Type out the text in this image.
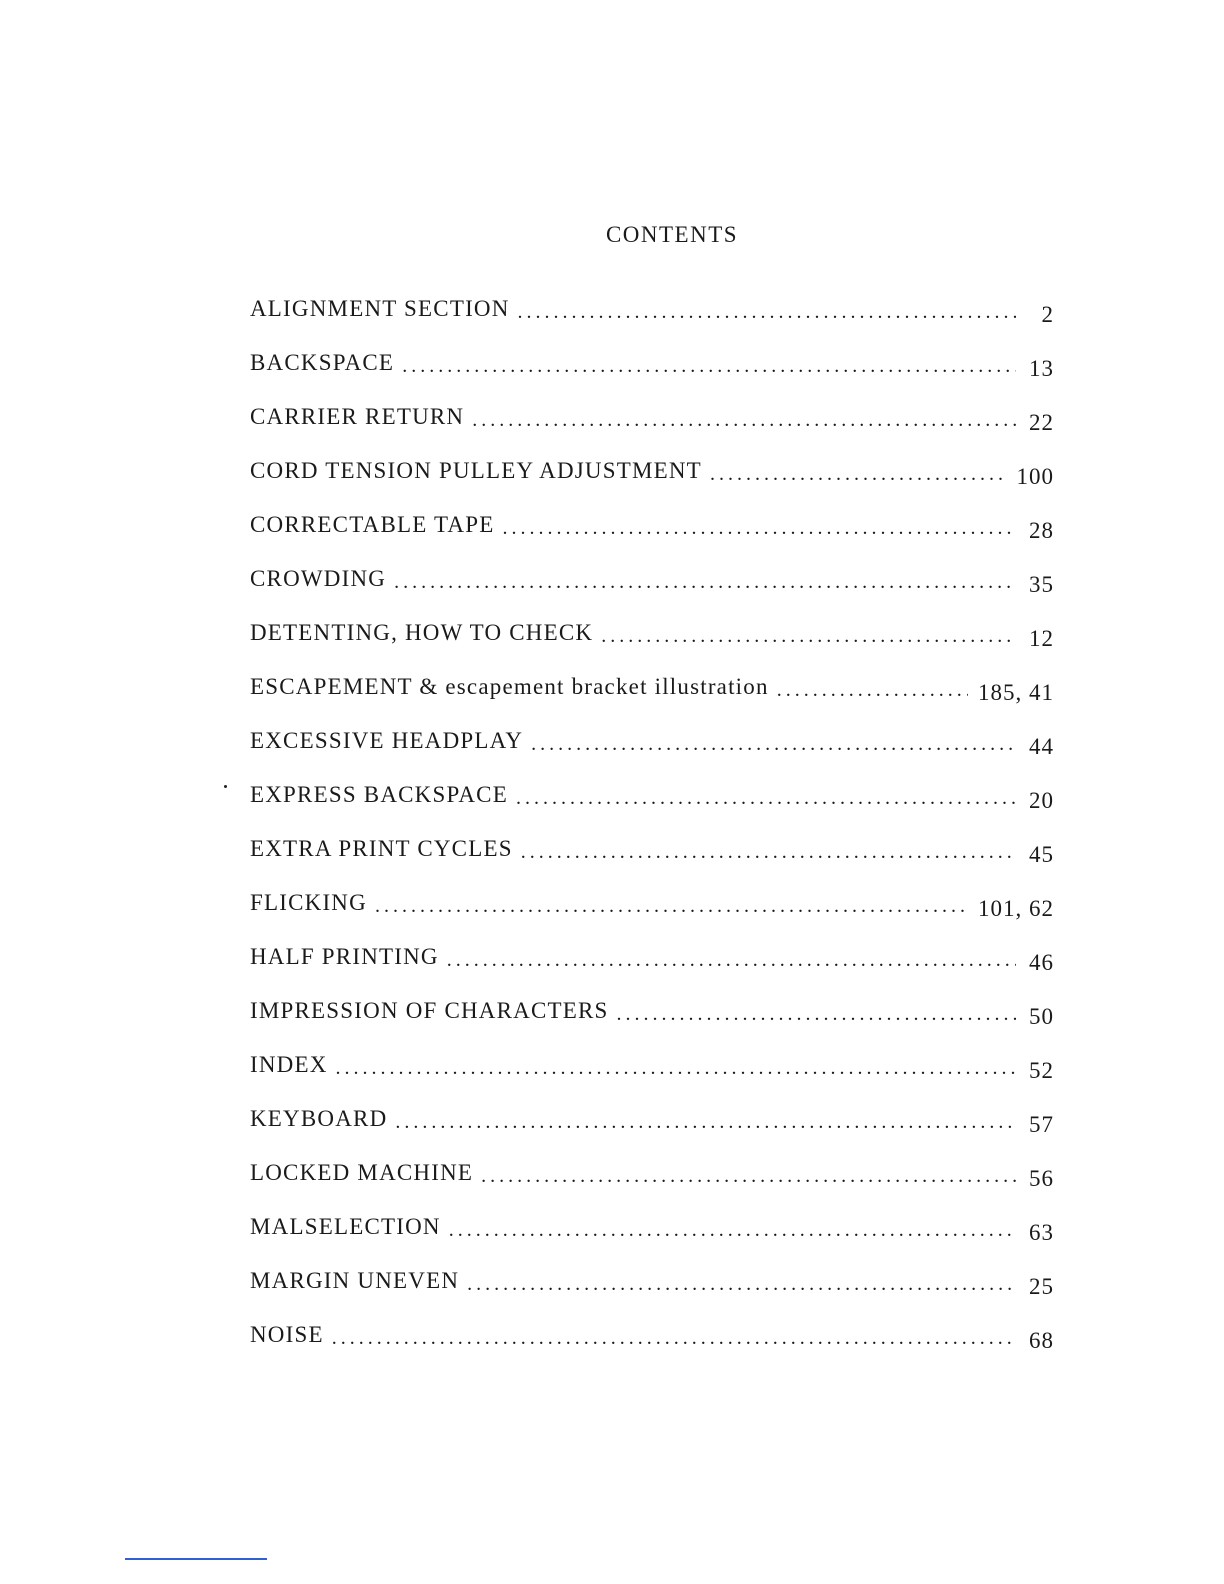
CONTENTS
ALIGNMENT SECTION . . .	2
BACKSPACE . . .	13
CARRIER RETURN . . .	22
CORD TENSION PULLEY ADJUSTMENT . . .	100
CORRECTABLE TAPE . . .	28
CROWDING . . .	35
DETENTING, HOW TO CHECK . . .	12
ESCAPEMENT & escapement bracket illustration . . .	185, 41
EXCESSIVE HEADPLAY . . .	44
EXPRESS BACKSPACE . . .	20
EXTRA PRINT CYCLES . . .	45
FLICKING . . .	101, 62
HALF PRINTING . . .	46
IMPRESSION OF CHARACTERS . . .	50
INDEX . . .	52
KEYBOARD . . .	57
LOCKED MACHINE . . .	56
MALSELECTION . . .	63
MARGIN UNEVEN . . .	25
NOISE . . .	68
